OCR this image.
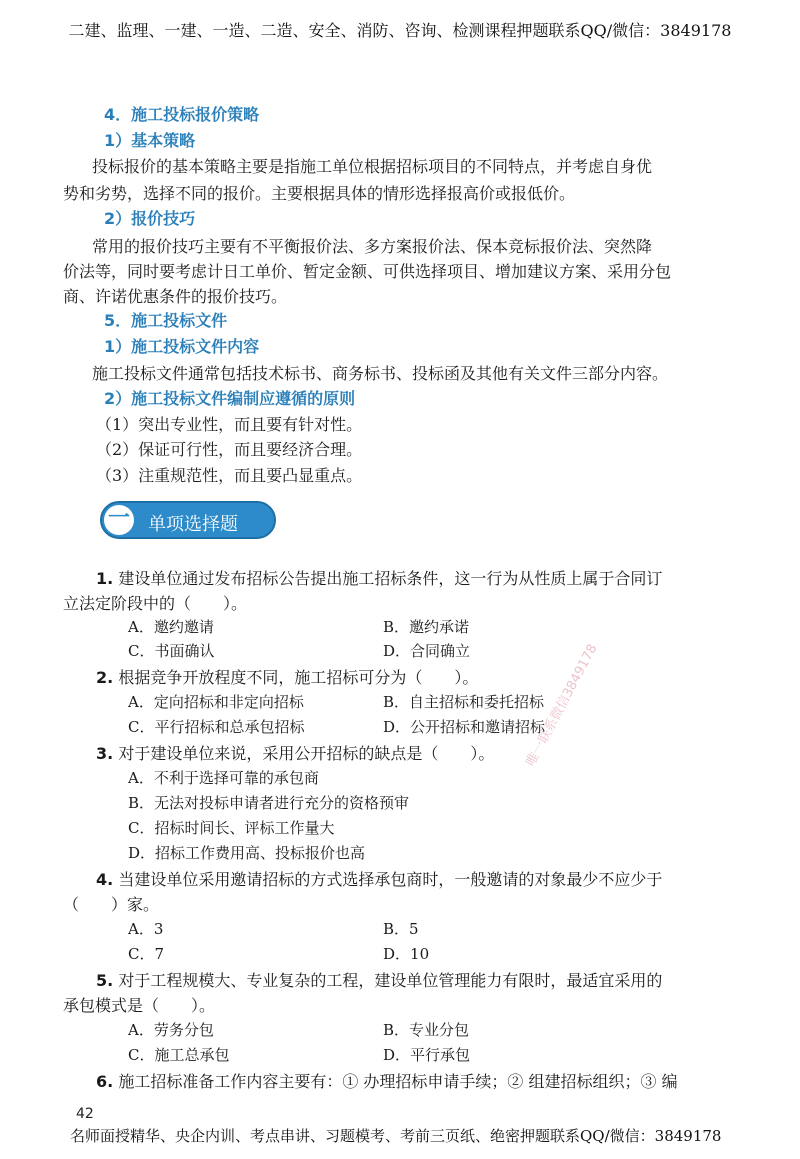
二建、监理、一建、一造、二造、安全、消防、咨询、检测课程押题联系QQ/微信：3849178
4．施工投标报价策略
1）基本策略
投标报价的基本策略主要是指施工单位根据招标项目的不同特点，并考虑自身优
势和劣势，选择不同的报价。主要根据具体的情形选择报高价或报低价。
2）报价技巧
常用的报价技巧主要有不平衡报价法、多方案报价法、保本竞标报价法、突然降
价法等，同时要考虑计日工单价、暂定金额、可供选择项目、增加建议方案、采用分包
商、许诺优惠条件的报价技巧。
5．施工投标文件
1）施工投标文件内容
施工投标文件通常包括技术标书、商务标书、投标函及其他有关文件三部分内容。
2）施工投标文件编制应遵循的原则
（1）突出专业性，而且要有针对性。
（2）保证可行性，而且要经济合理。
（3）注重规范性，而且要凸显重点。
一 单项选择题
1. 建设单位通过发布招标公告提出施工招标条件，这一行为从性质上属于合同订
立法定阶段中的（　　）。
A．邀约邀请	B．邀约承诺
C．书面确认	D．合同确立
2. 根据竞争开放程度不同，施工招标可分为（　　）。
A．定向招标和非定向招标	B．自主招标和委托招标
C．平行招标和总承包招标	D．公开招标和邀请招标
3. 对于建设单位来说，采用公开招标的缺点是（　　）。
A．不利于选择可靠的承包商
B．无法对投标申请者进行充分的资格预审
C．招标时间长、评标工作量大
D．招标工作费用高、投标报价也高
4. 当建设单位采用邀请招标的方式选择承包商时，一般邀请的对象最少不应少于
（　　）家。
A．3	B．5
C．7	D．10
5. 对于工程规模大、专业复杂的工程，建设单位管理能力有限时，最适宜采用的
承包模式是（　　）。
A．劳务分包	B．专业分包
C．施工总承包	D．平行承包
6. 施工招标准备工作内容主要有：① 办理招标申请手续；② 组建招标组织；③ 编
42
名师面授精华、央企内训、考点串讲、习题模考、考前三页纸、绝密押题联系QQ/微信：3849178
唯一联系微信3849178
